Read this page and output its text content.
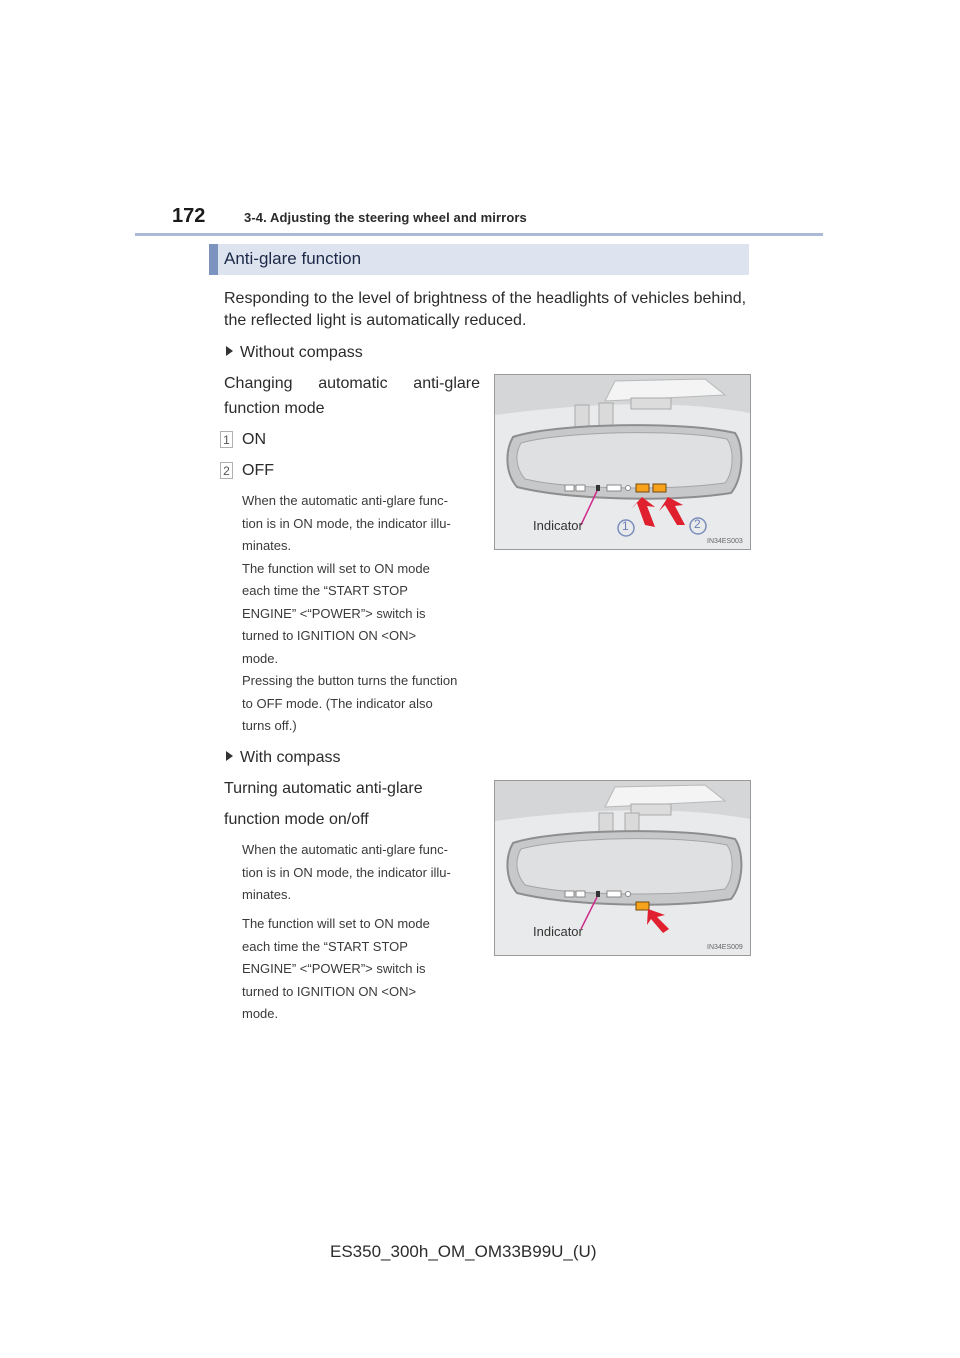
172	3-4. Adjusting the steering wheel and mirrors
Anti-glare function
Responding to the level of brightness of the headlights of vehicles behind,
the reflected light is automatically reduced.
Without compass
Changing automatic anti-glare
function mode
1 ON
2 OFF
When the automatic anti-glare func-
tion is in ON mode, the indicator illu-
minates.
The function will set to ON mode
each time the “START STOP
ENGINE” <“POWER”> switch is
turned to IGNITION ON <ON>
mode.
Pressing the button turns the function
to OFF mode. (The indicator also
turns off.)
Indicator	1	2
IN34ES003
With compass
Turning automatic anti-glare
function mode on/off
When the automatic anti-glare func-
tion is in ON mode, the indicator illu-
minates.
The function will set to ON mode
each time the “START STOP
ENGINE” <“POWER”> switch is
turned to IGNITION ON <ON>
mode.
Indicator
IN34ES009
ES350_300h_OM_OM33B99U_(U)
